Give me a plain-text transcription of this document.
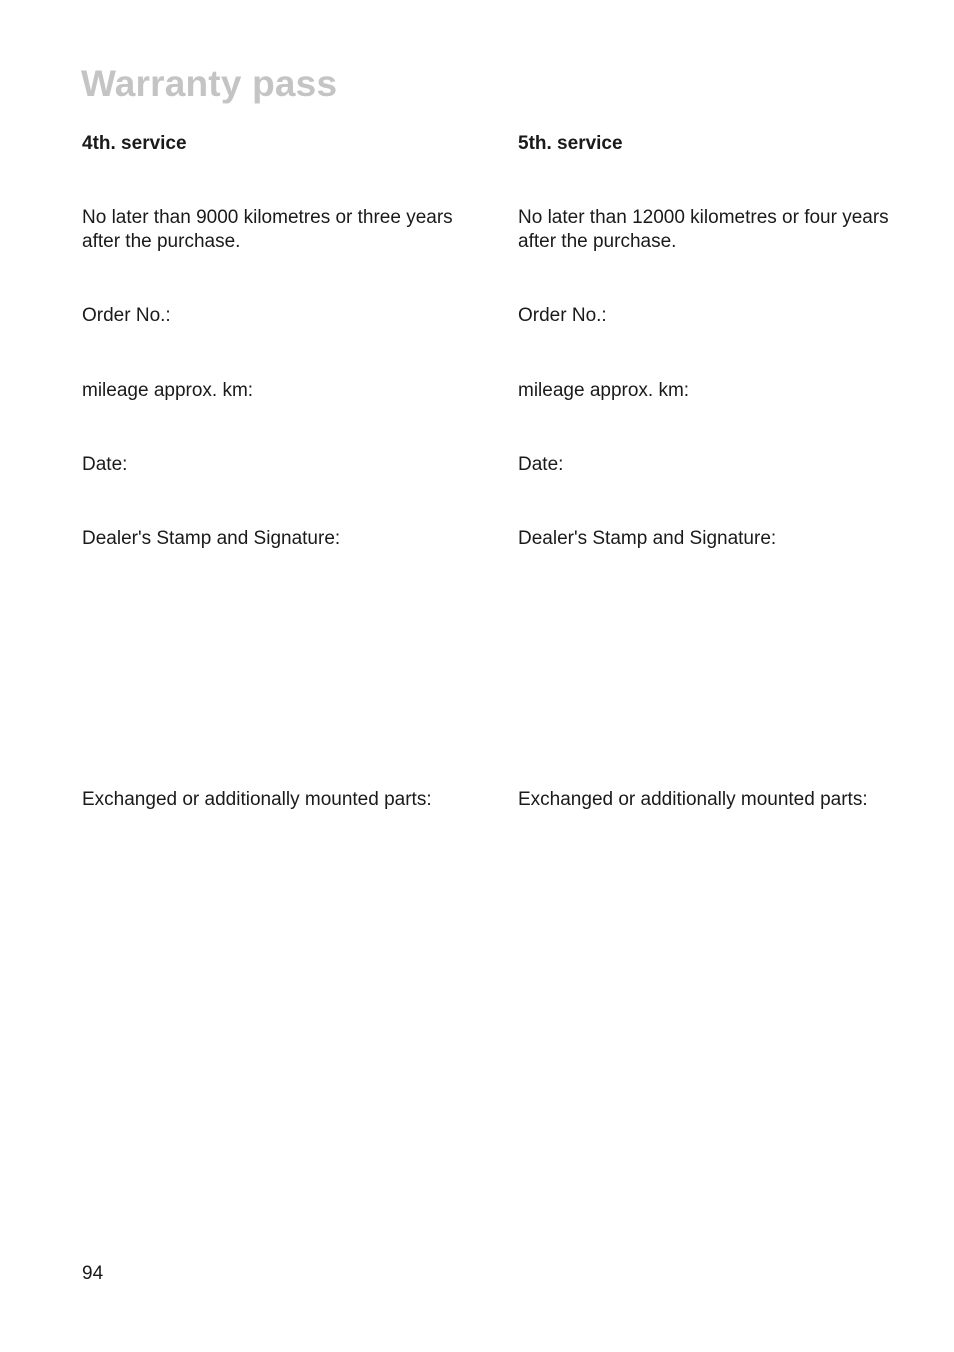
Warranty pass
4th. service
No later than 9000 kilometres or three years after the purchase.
Order No.:
mileage approx. km:
Date:
Dealer's Stamp and Signature:
Exchanged or additionally mounted parts:
5th. service
No later than 12000 kilometres or four years after the purchase.
Order No.:
mileage approx. km:
Date:
Dealer's Stamp and Signature:
Exchanged or additionally mounted parts:
94
